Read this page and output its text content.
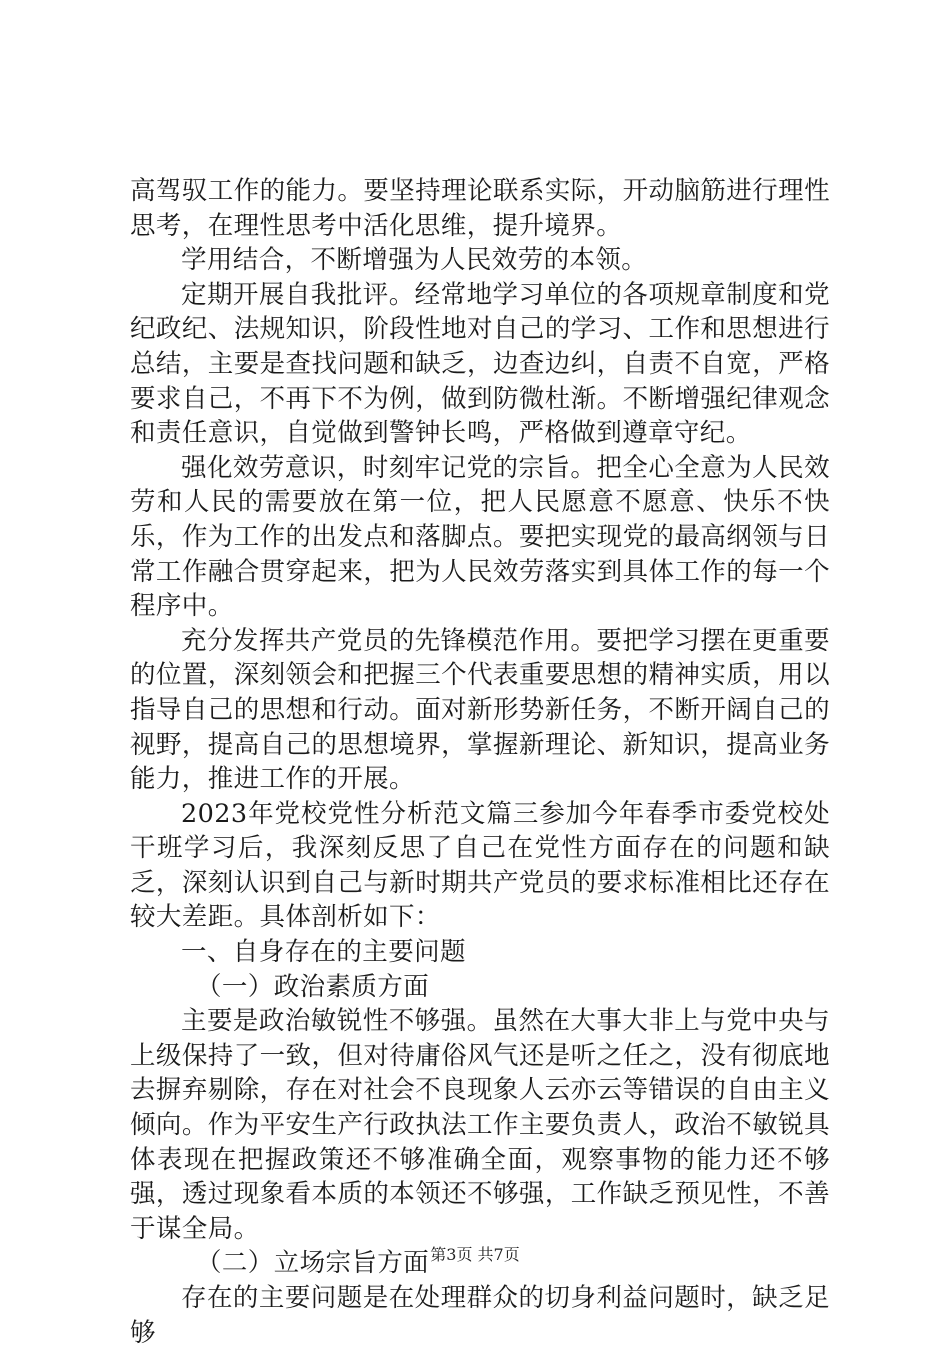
高驾驭工作的能力。要坚持理论联系实际，开动脑筋进行理性思考，在理性思考中活化思维，提升境界。

学用结合，不断增强为人民效劳的本领。

定期开展自我批评。经常地学习单位的各项规章制度和党纪政纪、法规知识，阶段性地对自己的学习、工作和思想进行总结，主要是查找问题和缺乏，边查边纠，自责不自宽，严格要求自己，不再下不为例，做到防微杜渐。不断增强纪律观念和责任意识，自觉做到警钟长鸣，严格做到遵章守纪。

强化效劳意识，时刻牢记党的宗旨。把全心全意为人民效劳和人民的需要放在第一位，把人民愿意不愿意、快乐不快乐，作为工作的出发点和落脚点。要把实现党的最高纲领与日常工作融合贯穿起来，把为人民效劳落实到具体工作的每一个程序中。

充分发挥共产党员的先锋模范作用。要把学习摆在更重要的位置，深刻领会和把握三个代表重要思想的精神实质，用以指导自己的思想和行动。面对新形势新任务，不断开阔自己的视野，提高自己的思想境界，掌握新理论、新知识，提高业务能力，推进工作的开展。

2023年党校党性分析范文篇三参加今年春季市委党校处干班学习后，我深刻反思了自己在党性方面存在的问题和缺乏，深刻认识到自己与新时期共产党员的要求标准相比还存在较大差距。具体剖析如下：

一、自身存在的主要问题

（一）政治素质方面

主要是政治敏锐性不够强。虽然在大事大非上与党中央与上级保持了一致，但对待庸俗风气还是听之任之，没有彻底地去摒弃剔除，存在对社会不良现象人云亦云等错误的自由主义倾向。作为平安生产行政执法工作主要负责人，政治不敏锐具体表现在把握政策还不够准确全面，观察事物的能力还不够强，透过现象看本质的本领还不够强，工作缺乏预见性，不善于谋全局。

（二）立场宗旨方面

存在的主要问题是在处理群众的切身利益问题时，缺乏足够

第3页 共7页
